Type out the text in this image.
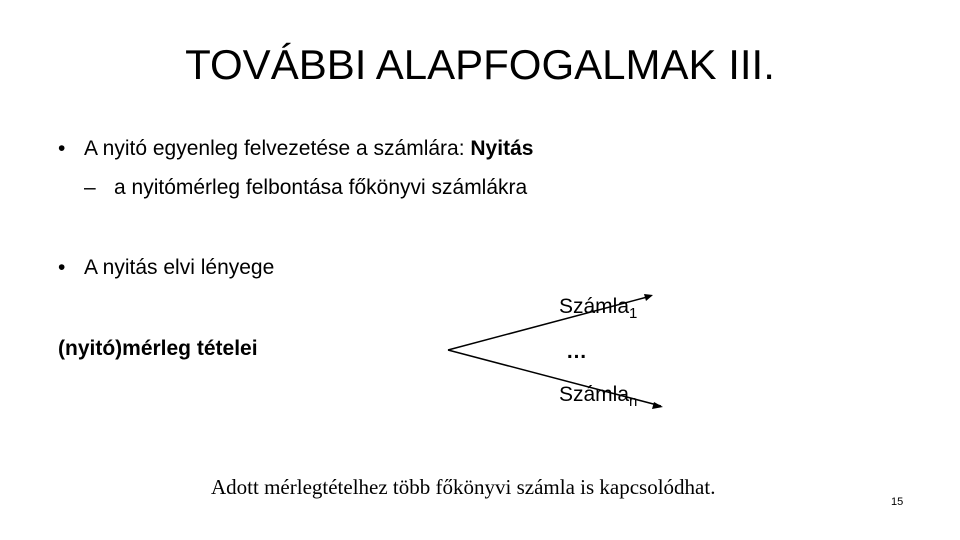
TOVÁBBI ALAPFOGALMAK III.
• A nyitó egyenleg felvezetése a számlára: Nyitás
– a nyitómérleg felbontása főkönyvi számlákra
• A nyitás elvi lényege
(nyitó)mérleg tételei
Számla$_1$
…
Számla$_n$
Adott mérlegtételhez több főkönyvi számla is kapcsolódhat.
15
